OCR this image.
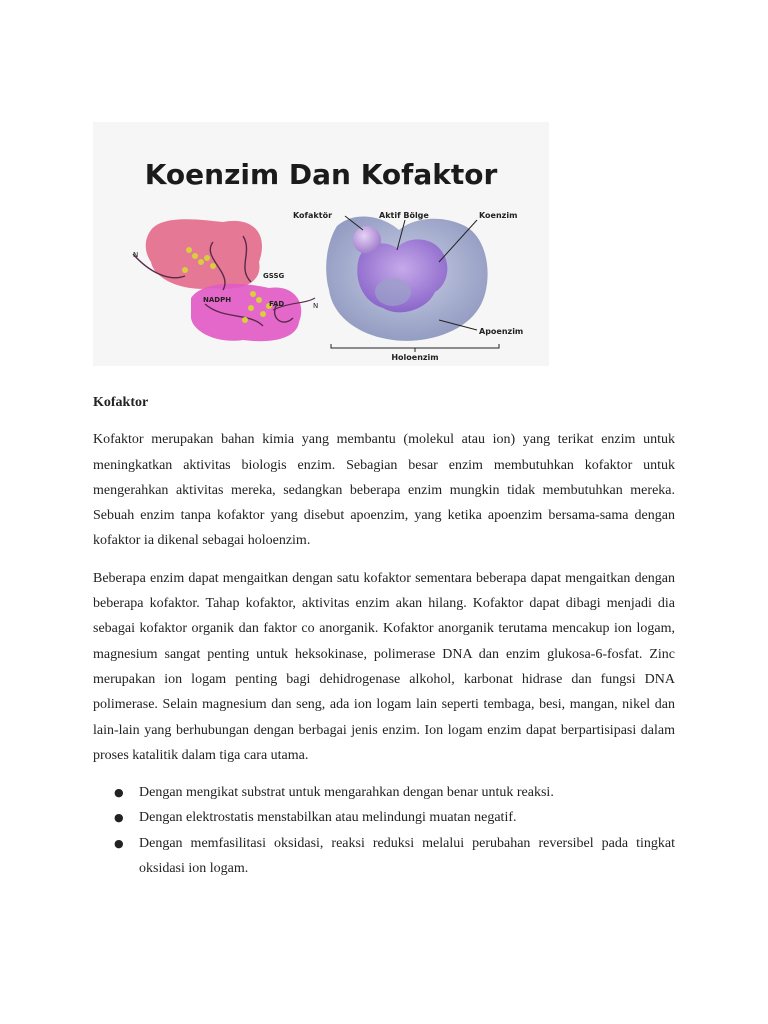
Koenzim Dan Kofaktor
N
GSSG
NADPH	FAD	N
Kofaktör	Aktif Bölge	Koenzim
Apoenzim
Holoenzim

Kofaktor

Kofaktor merupakan bahan kimia yang membantu (molekul atau ion) yang terikat enzim untuk meningkatkan aktivitas biologis enzim. Sebagian besar enzim membutuhkan kofaktor untuk mengerahkan aktivitas mereka, sedangkan beberapa enzim mungkin tidak membutuhkan mereka. Sebuah enzim tanpa kofaktor yang disebut apoenzim, yang ketika apoenzim bersama-sama dengan kofaktor ia dikenal sebagai holoenzim.

Beberapa enzim dapat mengaitkan dengan satu kofaktor sementara beberapa dapat mengaitkan dengan beberapa kofaktor. Tahap kofaktor, aktivitas enzim akan hilang. Kofaktor dapat dibagi menjadi dia sebagai kofaktor organik dan faktor co anorganik. Kofaktor anorganik terutama mencakup ion logam, magnesium sangat penting untuk heksokinase, polimerase DNA dan enzim glukosa-6-fosfat. Zinc merupakan ion logam penting bagi dehidrogenase alkohol, karbonat hidrase dan fungsi DNA polimerase. Selain magnesium dan seng, ada ion logam lain seperti tembaga, besi, mangan, nikel dan lain-lain yang berhubungan dengan berbagai jenis enzim. Ion logam enzim dapat berpartisipasi dalam proses katalitik dalam tiga cara utama.

● Dengan mengikat substrat untuk mengarahkan dengan benar untuk reaksi.
● Dengan elektrostatis menstabilkan atau melindungi muatan negatif.
● Dengan memfasilitasi oksidasi, reaksi reduksi melalui perubahan reversibel pada tingkat oksidasi ion logam.
